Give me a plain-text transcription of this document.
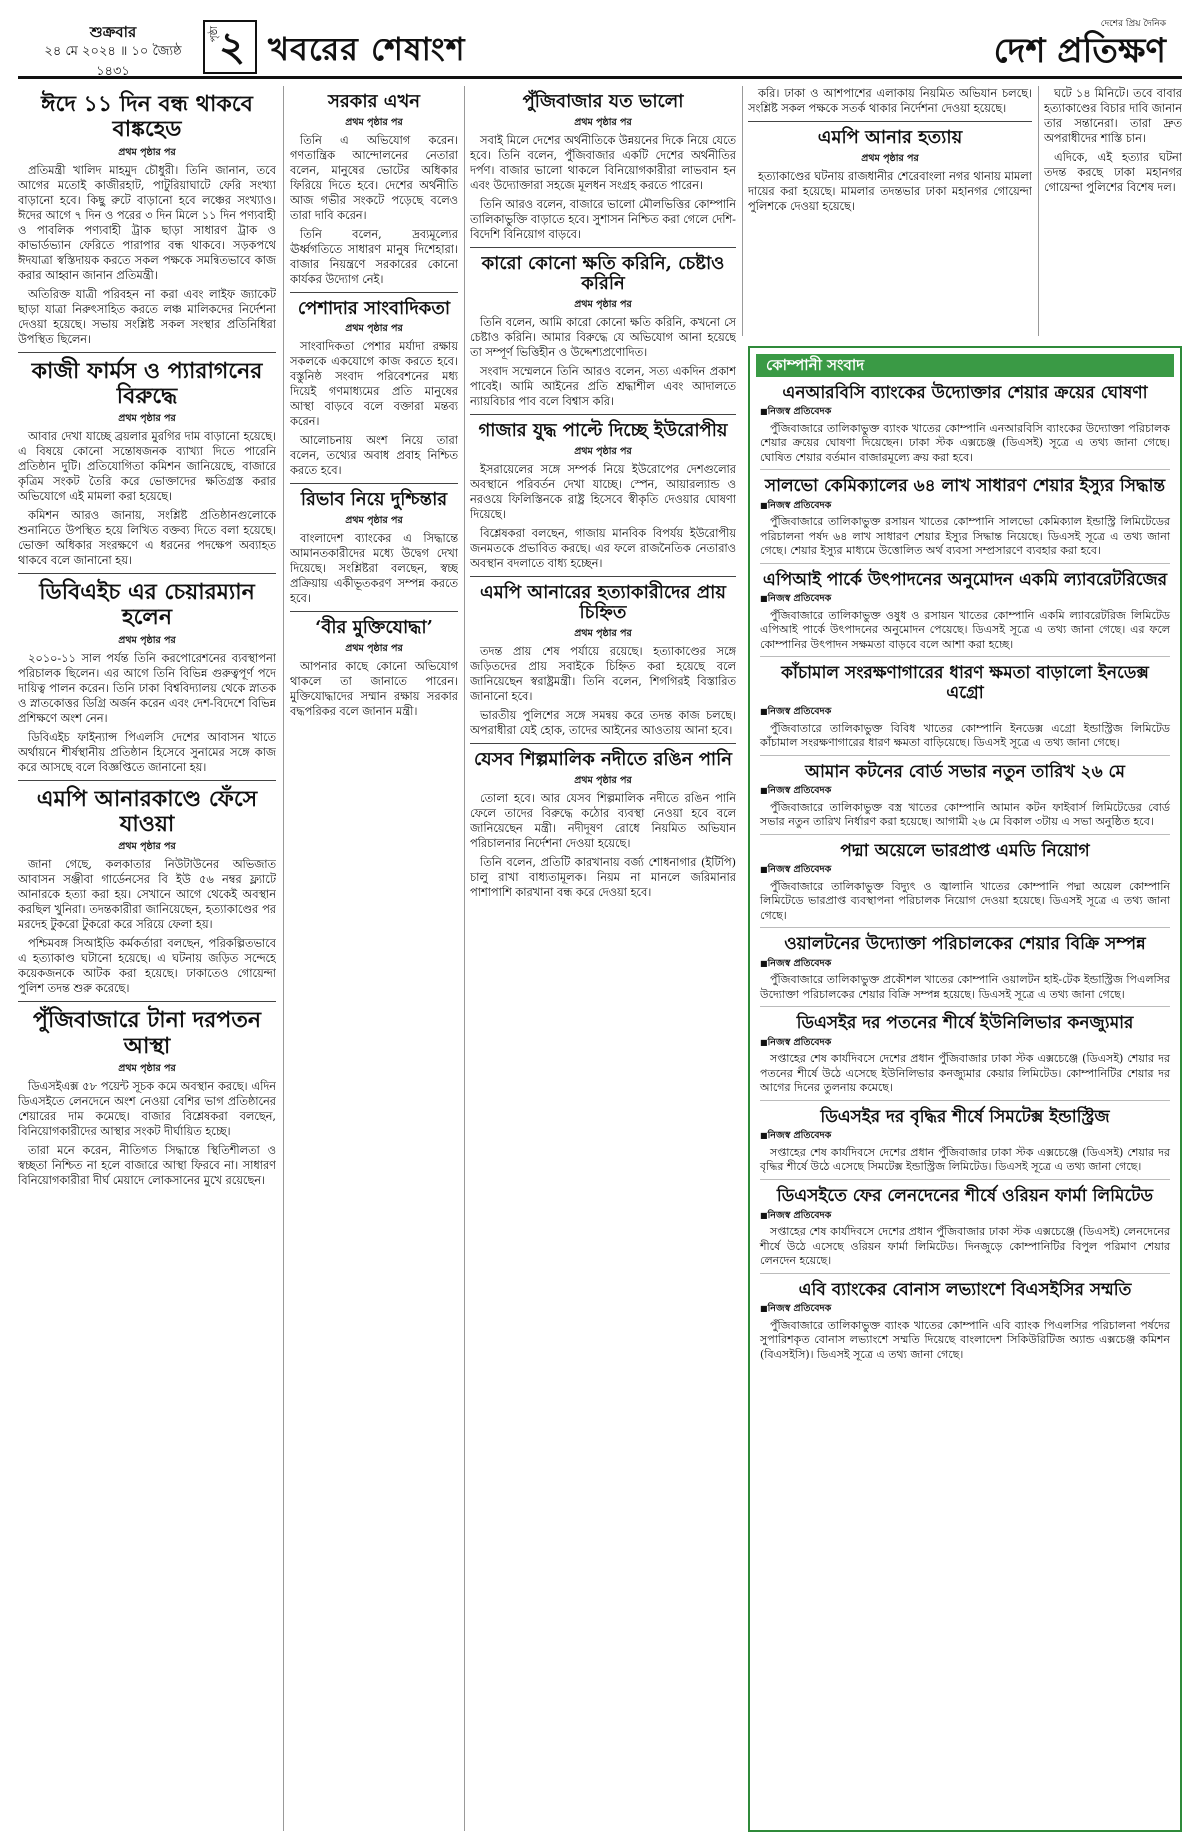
শুক্রবার
২৪ মে ২০২৪ ॥ ১০ জ্যৈষ্ঠ ১৪৩১
পৃষ্ঠা ২ খবরের শেষাংশ
দেশের প্রিয় দৈনিক
দেশ প্রতিক্ষণ
ঈদে ১১ দিন বন্ধ থাকবে বাঙ্কহেড
প্রথম পৃষ্ঠার পর

প্রতিমন্ত্রী খালিদ মাহমুদ চৌধুরী। তিনি জানান, তবে আগের মতোই কাজীরহাট, পাটুরিয়াঘাটে ফেরি সংখ্যা বাড়ানো হবে। কিছু রুটে বাড়ানো হবে লঞ্চের সংখ্যাও। ঈদের আগে ৭ দিন ও পরের ৩ দিন মিলে ১১ দিন পণ্যবাহী ও পাবলিক পণ্যবাহী ট্রাক ছাড়া সাধারণ ট্রাক ও কাভার্ডভ্যান ফেরিতে পারাপার বন্ধ থাকবে। সড়কপথে ঈদযাত্রা স্বস্তিদায়ক করতে সকল পক্ষকে সমন্বিতভাবে কাজ করার আহ্বান জানান প্রতিমন্ত্রী।

অতিরিক্ত যাত্রী পরিবহন না করা এবং লাইফ জ্যাকেট ছাড়া যাত্রা নিরুৎসাহিত করতে লঞ্চ মালিকদের নির্দেশনা দেওয়া হয়েছে। সভায় সংশ্লিষ্ট সকল সংস্থার প্রতিনিধিরা উপস্থিত ছিলেন।

কাজী ফার্মস ও প্যারাগনের বিরুদ্ধে
প্রথম পৃষ্ঠার পর

আবার দেখা যাচ্ছে ব্রয়লার মুরগির দাম বাড়ানো হয়েছে। এ বিষয়ে কোনো সন্তোষজনক ব্যাখ্যা দিতে পারেনি প্রতিষ্ঠান দুটি। প্রতিযোগিতা কমিশন জানিয়েছে, বাজারে কৃত্রিম সংকট তৈরি করে ভোক্তাদের ক্ষতিগ্রস্ত করার অভিযোগে এই মামলা করা হয়েছে।

কমিশন আরও জানায়, সংশ্লিষ্ট প্রতিষ্ঠানগুলোকে শুনানিতে উপস্থিত হয়ে লিখিত বক্তব্য দিতে বলা হয়েছে। ভোক্তা অধিকার সংরক্ষণে এ ধরনের পদক্ষেপ অব্যাহত থাকবে বলে জানানো হয়।

ডিবিএইচ এর চেয়ারম্যান হলেন
প্রথম পৃষ্ঠার পর

২০১০-১১ সাল পর্যন্ত তিনি করপোরেশনের ব্যবস্থাপনা পরিচালক ছিলেন। এর আগে তিনি বিভিন্ন গুরুত্বপূর্ণ পদে দায়িত্ব পালন করেন। তিনি ঢাকা বিশ্ববিদ্যালয় থেকে স্নাতক ও স্নাতকোত্তর ডিগ্রি অর্জন করেন এবং দেশ-বিদেশে বিভিন্ন প্রশিক্ষণে অংশ নেন।

ডিবিএইচ ফাইন্যান্স পিএলসি দেশের আবাসন খাতে অর্থায়নে শীর্ষস্থানীয় প্রতিষ্ঠান হিসেবে সুনামের সঙ্গে কাজ করে আসছে বলে বিজ্ঞপ্তিতে জানানো হয়।

এমপি আনারকাণ্ডে ফেঁসে যাওয়া
প্রথম পৃষ্ঠার পর

জানা গেছে, কলকাতার নিউটাউনের অভিজাত আবাসন সঞ্জীবা গার্ডেনসের বি ইউ ৫৬ নম্বর ফ্ল্যাটে আনারকে হত্যা করা হয়। সেখানে আগে থেকেই অবস্থান করছিল খুনিরা। তদন্তকারীরা জানিয়েছেন, হত্যাকাণ্ডের পর মরদেহ টুকরো টুকরো করে সরিয়ে ফেলা হয়।

পশ্চিমবঙ্গ সিআইডি কর্মকর্তারা বলছেন, পরিকল্পিতভাবে এ হত্যাকাণ্ড ঘটানো হয়েছে। এ ঘটনায় জড়িত সন্দেহে কয়েকজনকে আটক করা হয়েছে। ঢাকাতেও গোয়েন্দা পুলিশ তদন্ত শুরু করেছে।

পুঁজিবাজারে টানা দরপতন আস্থা
প্রথম পৃষ্ঠার পর

ডিএসইএক্স ৫৮ পয়েন্ট সূচক কমে অবস্থান করছে। এদিন ডিএসইতে লেনদেনে অংশ নেওয়া বেশির ভাগ প্রতিষ্ঠানের শেয়ারের দাম কমেছে। বাজার বিশ্লেষকরা বলছেন, বিনিয়োগকারীদের আস্থার সংকট দীর্ঘায়িত হচ্ছে।

তারা মনে করেন, নীতিগত সিদ্ধান্তে স্থিতিশীলতা ও স্বচ্ছতা নিশ্চিত না হলে বাজারে আস্থা ফিরবে না। সাধারণ বিনিয়োগকারীরা দীর্ঘ মেয়াদে লোকসানের মুখে রয়েছেন।

সরকার এখন
প্রথম পৃষ্ঠার পর

তিনি এ অভিযোগ করেন। গণতান্ত্রিক আন্দোলনের নেতারা বলেন, মানুষের ভোটের অধিকার ফিরিয়ে দিতে হবে। দেশের অর্থনীতি আজ গভীর সংকটে পড়েছে বলেও তারা দাবি করেন।

তিনি বলেন, দ্রব্যমূল্যের ঊর্ধ্বগতিতে সাধারণ মানুষ দিশেহারা। বাজার নিয়ন্ত্রণে সরকারের কোনো কার্যকর উদ্যোগ নেই।

পেশাদার সাংবাদিকতা
প্রথম পৃষ্ঠার পর

সাংবাদিকতা পেশার মর্যাদা রক্ষায় সকলকে একযোগে কাজ করতে হবে। বস্তুনিষ্ঠ সংবাদ পরিবেশনের মধ্য দিয়েই গণমাধ্যমের প্রতি মানুষের আস্থা বাড়বে বলে বক্তারা মন্তব্য করেন।

আলোচনায় অংশ নিয়ে তারা বলেন, তথ্যের অবাধ প্রবাহ নিশ্চিত করতে হবে।

রিভাব নিয়ে দুশ্চিন্তার
প্রথম পৃষ্ঠার পর

বাংলাদেশ ব্যাংকের এ সিদ্ধান্তে আমানতকারীদের মধ্যে উদ্বেগ দেখা দিয়েছে। সংশ্লিষ্টরা বলছেন, স্বচ্ছ প্রক্রিয়ায় একীভূতকরণ সম্পন্ন করতে হবে।

‘বীর মুক্তিযোদ্ধা’
প্রথম পৃষ্ঠার পর

আপনার কাছে কোনো অভিযোগ থাকলে তা জানাতে পারেন। মুক্তিযোদ্ধাদের সম্মান রক্ষায় সরকার বদ্ধপরিকর বলে জানান মন্ত্রী।

পুঁজিবাজার যত ভালো
প্রথম পৃষ্ঠার পর

সবাই মিলে দেশের অর্থনীতিকে উন্নয়নের দিকে নিয়ে যেতে হবে। তিনি বলেন, পুঁজিবাজার একটি দেশের অর্থনীতির দর্পণ। বাজার ভালো থাকলে বিনিয়োগকারীরা লাভবান হন এবং উদ্যোক্তারা সহজে মূলধন সংগ্রহ করতে পারেন।

তিনি আরও বলেন, বাজারে ভালো মৌলভিত্তির কোম্পানি তালিকাভুক্তি বাড়াতে হবে। সুশাসন নিশ্চিত করা গেলে দেশি-বিদেশি বিনিয়োগ বাড়বে।

কারো কোনো ক্ষতি করিনি, চেষ্টাও করিনি
প্রথম পৃষ্ঠার পর

তিনি বলেন, আমি কারো কোনো ক্ষতি করিনি, কখনো সে চেষ্টাও করিনি। আমার বিরুদ্ধে যে অভিযোগ আনা হয়েছে তা সম্পূর্ণ ভিত্তিহীন ও উদ্দেশ্যপ্রণোদিত।

সংবাদ সম্মেলনে তিনি আরও বলেন, সত্য একদিন প্রকাশ পাবেই। আমি আইনের প্রতি শ্রদ্ধাশীল এবং আদালতে ন্যায়বিচার পাব বলে বিশ্বাস করি।

গাজার যুদ্ধ পাল্টে দিচ্ছে ইউরোপীয়
প্রথম পৃষ্ঠার পর

ইসরায়েলের সঙ্গে সম্পর্ক নিয়ে ইউরোপের দেশগুলোর অবস্থানে পরিবর্তন দেখা যাচ্ছে। স্পেন, আয়ারল্যান্ড ও নরওয়ে ফিলিস্তিনকে রাষ্ট্র হিসেবে স্বীকৃতি দেওয়ার ঘোষণা দিয়েছে।

বিশ্লেষকরা বলছেন, গাজায় মানবিক বিপর্যয় ইউরোপীয় জনমতকে প্রভাবিত করছে। এর ফলে রাজনৈতিক নেতারাও অবস্থান বদলাতে বাধ্য হচ্ছেন।

এমপি আনারের হত্যাকারীদের প্রায় চিহ্নিত
প্রথম পৃষ্ঠার পর

তদন্ত প্রায় শেষ পর্যায়ে রয়েছে। হত্যাকাণ্ডের সঙ্গে জড়িতদের প্রায় সবাইকে চিহ্নিত করা হয়েছে বলে জানিয়েছেন স্বরাষ্ট্রমন্ত্রী। তিনি বলেন, শিগগিরই বিস্তারিত জানানো হবে।

ভারতীয় পুলিশের সঙ্গে সমন্বয় করে তদন্ত কাজ চলছে। অপরাধীরা যেই হোক, তাদের আইনের আওতায় আনা হবে।

যেসব শিল্পমালিক নদীতে রঙিন পানি
প্রথম পৃষ্ঠার পর

তোলা হবে। আর যেসব শিল্পমালিক নদীতে রঙিন পানি ফেলে তাদের বিরুদ্ধে কঠোর ব্যবস্থা নেওয়া হবে বলে জানিয়েছেন মন্ত্রী। নদীদূষণ রোধে নিয়মিত অভিযান পরিচালনার নির্দেশনা দেওয়া হয়েছে।

তিনি বলেন, প্রতিটি কারখানায় বর্জ্য শোধনাগার (ইটিপি) চালু রাখা বাধ্যতামূলক। নিয়ম না মানলে জরিমানার পাশাপাশি কারখানা বন্ধ করে দেওয়া হবে।

করি। ঢাকা ও আশপাশের এলাকায় নিয়মিত অভিযান চলছে। সংশ্লিষ্ট সকল পক্ষকে সতর্ক থাকার নির্দেশনা দেওয়া হয়েছে।

এমপি আনার হত্যায়
প্রথম পৃষ্ঠার পর

হত্যাকাণ্ডের ঘটনায় রাজধানীর শেরেবাংলা নগর থানায় মামলা দায়ের করা হয়েছে। মামলার তদন্তভার ঢাকা মহানগর গোয়েন্দা পুলিশকে দেওয়া হয়েছে।

ঘটে ১৪ মিনিটে। তবে বাবার হত্যাকাণ্ডের বিচার দাবি জানান তার সন্তানেরা। তারা দ্রুত অপরাধীদের শাস্তি চান।

এদিকে, এই হত্যার ঘটনা তদন্ত করছে ঢাকা মহানগর গোয়েন্দা পুলিশের বিশেষ দল।

কোম্পানী সংবাদ
এনআরবিসি ব্যাংকের উদ্যোক্তার শেয়ার ক্রয়ের ঘোষণা
■ নিজস্ব প্রতিবেদক

পুঁজিবাজারে তালিকাভুক্ত ব্যাংক খাতের কোম্পানি এনআরবিসি ব্যাংকের উদ্যোক্তা পরিচালক শেয়ার ক্রয়ের ঘোষণা দিয়েছেন। ঢাকা স্টক এক্সচেঞ্জ (ডিএসই) সূত্রে এ তথ্য জানা গেছে। ঘোষিত শেয়ার বর্তমান বাজারমূল্যে ক্রয় করা হবে।

সালভো কেমিক্যালের ৬৪ লাখ সাধারণ শেয়ার ইস্যুর সিদ্ধান্ত
■ নিজস্ব প্রতিবেদক

পুঁজিবাজারে তালিকাভুক্ত রসায়ন খাতের কোম্পানি সালভো কেমিক্যাল ইন্ডাস্ট্রি লিমিটেডের পরিচালনা পর্ষদ ৬৪ লাখ সাধারণ শেয়ার ইস্যুর সিদ্ধান্ত নিয়েছে। ডিএসই সূত্রে এ তথ্য জানা গেছে। শেয়ার ইস্যুর মাধ্যমে উত্তোলিত অর্থ ব্যবসা সম্প্রসারণে ব্যবহার করা হবে।

এপিআই পার্কে উৎপাদনের অনুমোদন একমি ল্যাবরেটরিজের
■ নিজস্ব প্রতিবেদক

পুঁজিবাজারে তালিকাভুক্ত ওষুধ ও রসায়ন খাতের কোম্পানি একমি ল্যাবরেটরিজ লিমিটেড এপিআই পার্কে উৎপাদনের অনুমোদন পেয়েছে। ডিএসই সূত্রে এ তথ্য জানা গেছে। এর ফলে কোম্পানির উৎপাদন সক্ষমতা বাড়বে বলে আশা করা হচ্ছে।

কাঁচামাল সংরক্ষণাগারের ধারণ ক্ষমতা বাড়ালো ইনডেক্স এগ্রো
■ নিজস্ব প্রতিবেদক

পুঁজিবাতারে তালিকাভুক্ত বিবিধ খাতের কোম্পানি ইনডেক্স এগ্রো ইন্ডাস্ট্রিজ লিমিটেড কাঁচামাল সংরক্ষণাগারের ধারণ ক্ষমতা বাড়িয়েছে। ডিএসই সূত্রে এ তথ্য জানা গেছে।

আমান কটনের বোর্ড সভার নতুন তারিখ ২৬ মে
■ নিজস্ব প্রতিবেদক

পুঁজিবাজারে তালিকাভুক্ত বস্ত্র খাতের কোম্পানি আমান কটন ফাইবার্স লিমিটেডের বোর্ড সভার নতুন তারিখ নির্ধারণ করা হয়েছে। আগামী ২৬ মে বিকাল ৩টায় এ সভা অনুষ্ঠিত হবে।

পদ্মা অয়েলে ভারপ্রাপ্ত এমডি নিয়োগ
■ নিজস্ব প্রতিবেদক

পুঁজিবাজারে তালিকাভুক্ত বিদ্যুৎ ও জ্বালানি খাতের কোম্পানি পদ্মা অয়েল কোম্পানি লিমিটেডে ভারপ্রাপ্ত ব্যবস্থাপনা পরিচালক নিয়োগ দেওয়া হয়েছে। ডিএসই সূত্রে এ তথ্য জানা গেছে।

ওয়ালটনের উদ্যোক্তা পরিচালকের শেয়ার বিক্রি সম্পন্ন
■ নিজস্ব প্রতিবেদক

পুঁজিবাজারে তালিকাভুক্ত প্রকৌশল খাতের কোম্পানি ওয়ালটন হাই-টেক ইন্ডাস্ট্রিজ পিএলসির উদ্যোক্তা পরিচালকের শেয়ার বিক্রি সম্পন্ন হয়েছে। ডিএসই সূত্রে এ তথ্য জানা গেছে।

ডিএসইর দর পতনের শীর্ষে ইউনিলিভার কনজ্যুমার
■ নিজস্ব প্রতিবেদক

সপ্তাহের শেষ কার্যদিবসে দেশের প্রধান পুঁজিবাজার ঢাকা স্টক এক্সচেঞ্জে (ডিএসই) শেয়ার দর পতনের শীর্ষে উঠে এসেছে ইউনিলিভার কনজ্যুমার কেয়ার লিমিটেড। কোম্পানিটির শেয়ার দর আগের দিনের তুলনায় কমেছে।

ডিএসইর দর বৃদ্ধির শীর্ষে সিমটেক্স ইন্ডাস্ট্রিজ
■ নিজস্ব প্রতিবেদক

সপ্তাহের শেষ কার্যদিবসে দেশের প্রধান পুঁজিবাজার ঢাকা স্টক এক্সচেঞ্জে (ডিএসই) শেয়ার দর বৃদ্ধির শীর্ষে উঠে এসেছে সিমটেক্স ইন্ডাস্ট্রিজ লিমিটেড। ডিএসই সূত্রে এ তথ্য জানা গেছে।

ডিএসইতে ফের লেনদেনের শীর্ষে ওরিয়ন ফার্মা লিমিটেড
■ নিজস্ব প্রতিবেদক

সপ্তাহের শেষ কার্যদিবসে দেশের প্রধান পুঁজিবাজার ঢাকা স্টক এক্সচেঞ্জে (ডিএসই) লেনদেনের শীর্ষে উঠে এসেছে ওরিয়ন ফার্মা লিমিটেড। দিনজুড়ে কোম্পানিটির বিপুল পরিমাণ শেয়ার লেনদেন হয়েছে।

এবি ব্যাংকের বোনাস লভ্যাংশে বিএসইসির সম্মতি
■ নিজস্ব প্রতিবেদক

পুঁজিবাজারে তালিকাভুক্ত ব্যাংক খাতের কোম্পানি এবি ব্যাংক পিএলসির পরিচালনা পর্ষদের সুপারিশকৃত বোনাস লভ্যাংশে সম্মতি দিয়েছে বাংলাদেশ সিকিউরিটিজ অ্যান্ড এক্সচেঞ্জ কমিশন (বিএসইসি)। ডিএসই সূত্রে এ তথ্য জানা গেছে।
